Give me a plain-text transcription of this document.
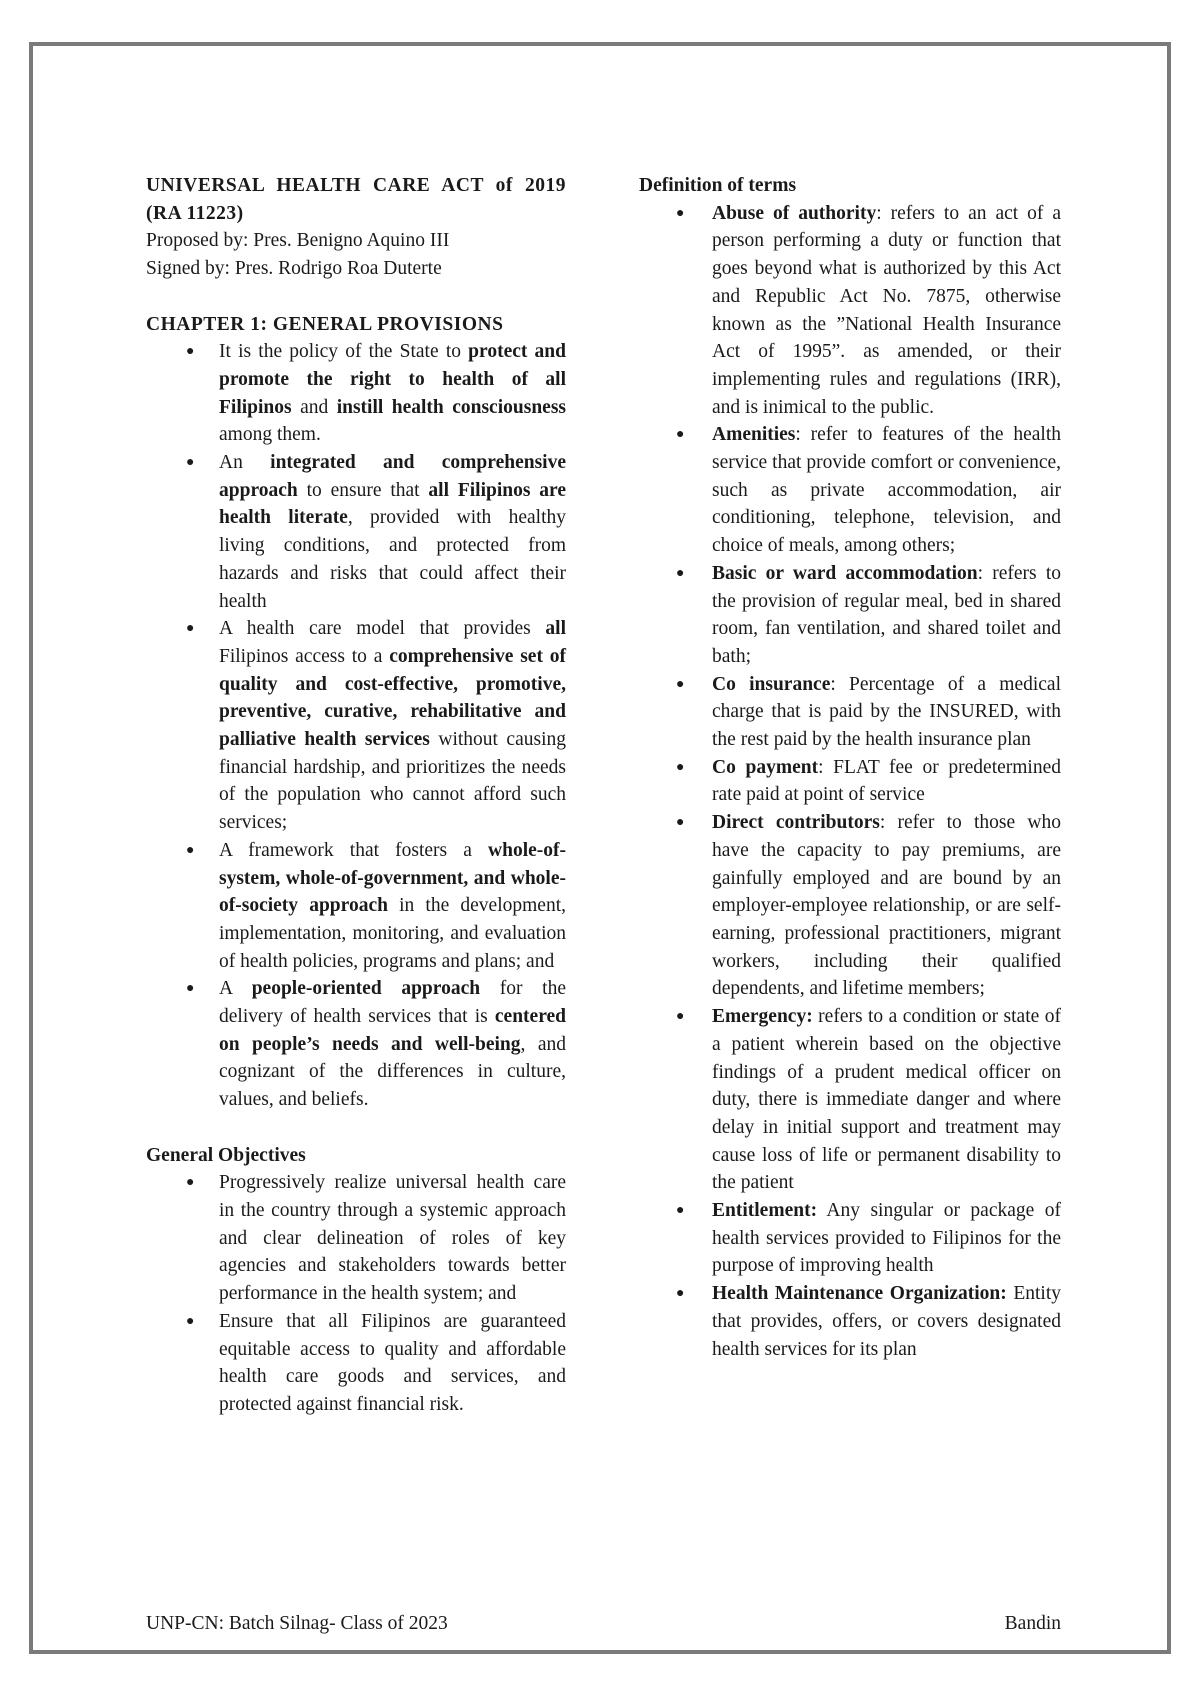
UNIVERSAL HEALTH CARE ACT of 2019 (RA 11223)
Proposed by: Pres. Benigno Aquino III
Signed by: Pres. Rodrigo Roa Duterte
CHAPTER 1: GENERAL PROVISIONS
● It is the policy of the State to protect and promote the right to health of all Filipinos and instill health consciousness among them.
● An integrated and comprehensive approach to ensure that all Filipinos are health literate, provided with healthy living conditions, and protected from hazards and risks that could affect their health
● A health care model that provides all Filipinos access to a comprehensive set of quality and cost-effective, promotive, preventive, curative, rehabilitative and palliative health services without causing financial hardship, and prioritizes the needs of the population who cannot afford such services;
● A framework that fosters a whole-of-system, whole-of-government, and whole-of-society approach in the development, implementation, monitoring, and evaluation of health policies, programs and plans; and
● A people-oriented approach for the delivery of health services that is centered on people’s needs and well-being, and cognizant of the differences in culture, values, and beliefs.
General Objectives
● Progressively realize universal health care in the country through a systemic approach and clear delineation of roles of key agencies and stakeholders towards better performance in the health system; and
● Ensure that all Filipinos are guaranteed equitable access to quality and affordable health care goods and services, and protected against financial risk.
Definition of terms
● Abuse of authority: refers to an act of a person performing a duty or function that goes beyond what is authorized by this Act and Republic Act No. 7875, otherwise known as the ”National Health Insurance Act of 1995”. as amended, or their implementing rules and regulations (IRR), and is inimical to the public.
● Amenities: refer to features of the health service that provide comfort or convenience, such as private accommodation, air conditioning, telephone, television, and choice of meals, among others;
● Basic or ward accommodation: refers to the provision of regular meal, bed in shared room, fan ventilation, and shared toilet and bath;
● Co insurance: Percentage of a medical charge that is paid by the INSURED, with the rest paid by the health insurance plan
● Co payment: FLAT fee or predetermined rate paid at point of service
● Direct contributors: refer to those who have the capacity to pay premiums, are gainfully employed and are bound by an employer-employee relationship, or are self-earning, professional practitioners, migrant workers, including their qualified dependents, and lifetime members;
● Emergency: refers to a condition or state of a patient wherein based on the objective findings of a prudent medical officer on duty, there is immediate danger and where delay in initial support and treatment may cause loss of life or permanent disability to the patient
● Entitlement: Any singular or package of health services provided to Filipinos for the purpose of improving health
● Health Maintenance Organization: Entity that provides, offers, or covers designated health services for its plan
UNP-CN: Batch Silnag- Class of 2023	Bandin
